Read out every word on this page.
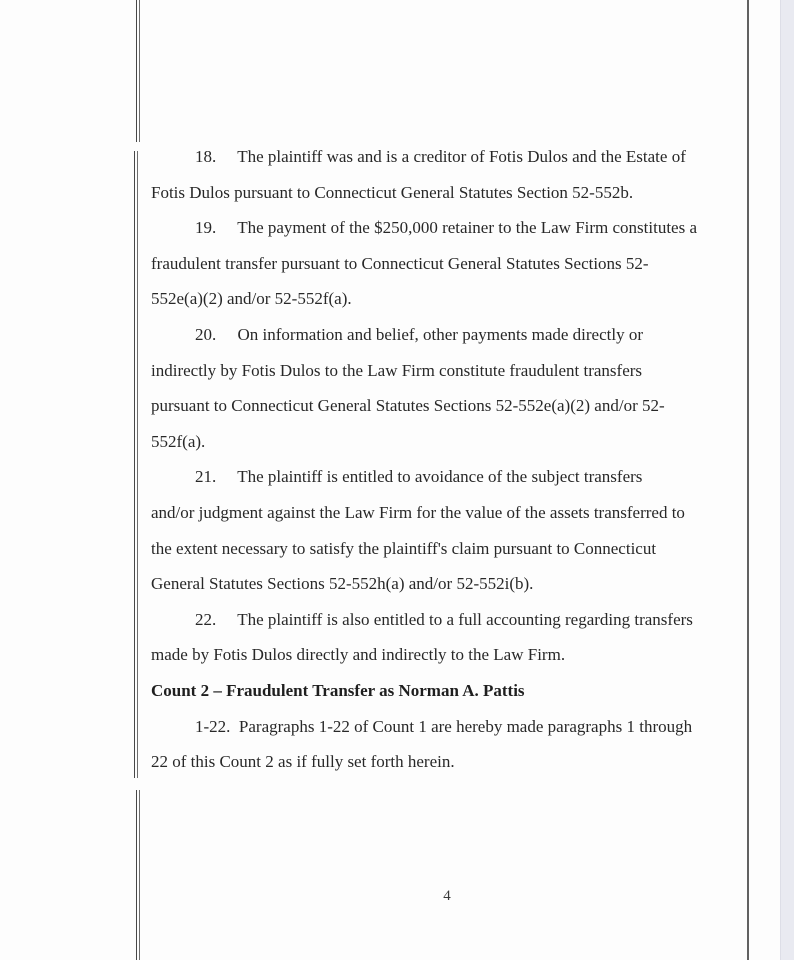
18.     The plaintiff was and is a creditor of Fotis Dulos and the Estate of
Fotis Dulos pursuant to Connecticut General Statutes Section 52-552b.
19.     The payment of the $250,000 retainer to the Law Firm constitutes a
fraudulent transfer pursuant to Connecticut General Statutes Sections 52-
552e(a)(2) and/or 52-552f(a).
20.     On information and belief, other payments made directly or
indirectly by Fotis Dulos to the Law Firm constitute fraudulent transfers
pursuant to Connecticut General Statutes Sections 52-552e(a)(2) and/or 52-
552f(a).
21.     The plaintiff is entitled to avoidance of the subject transfers
and/or judgment against the Law Firm for the value of the assets transferred to
the extent necessary to satisfy the plaintiff's claim pursuant to Connecticut
General Statutes Sections 52-552h(a) and/or 52-552i(b).
22.     The plaintiff is also entitled to a full accounting regarding transfers
made by Fotis Dulos directly and indirectly to the Law Firm.
Count 2 – Fraudulent Transfer as Norman A. Pattis
1-22.  Paragraphs 1-22 of Count 1 are hereby made paragraphs 1 through
22 of this Count 2 as if fully set forth herein.
4
